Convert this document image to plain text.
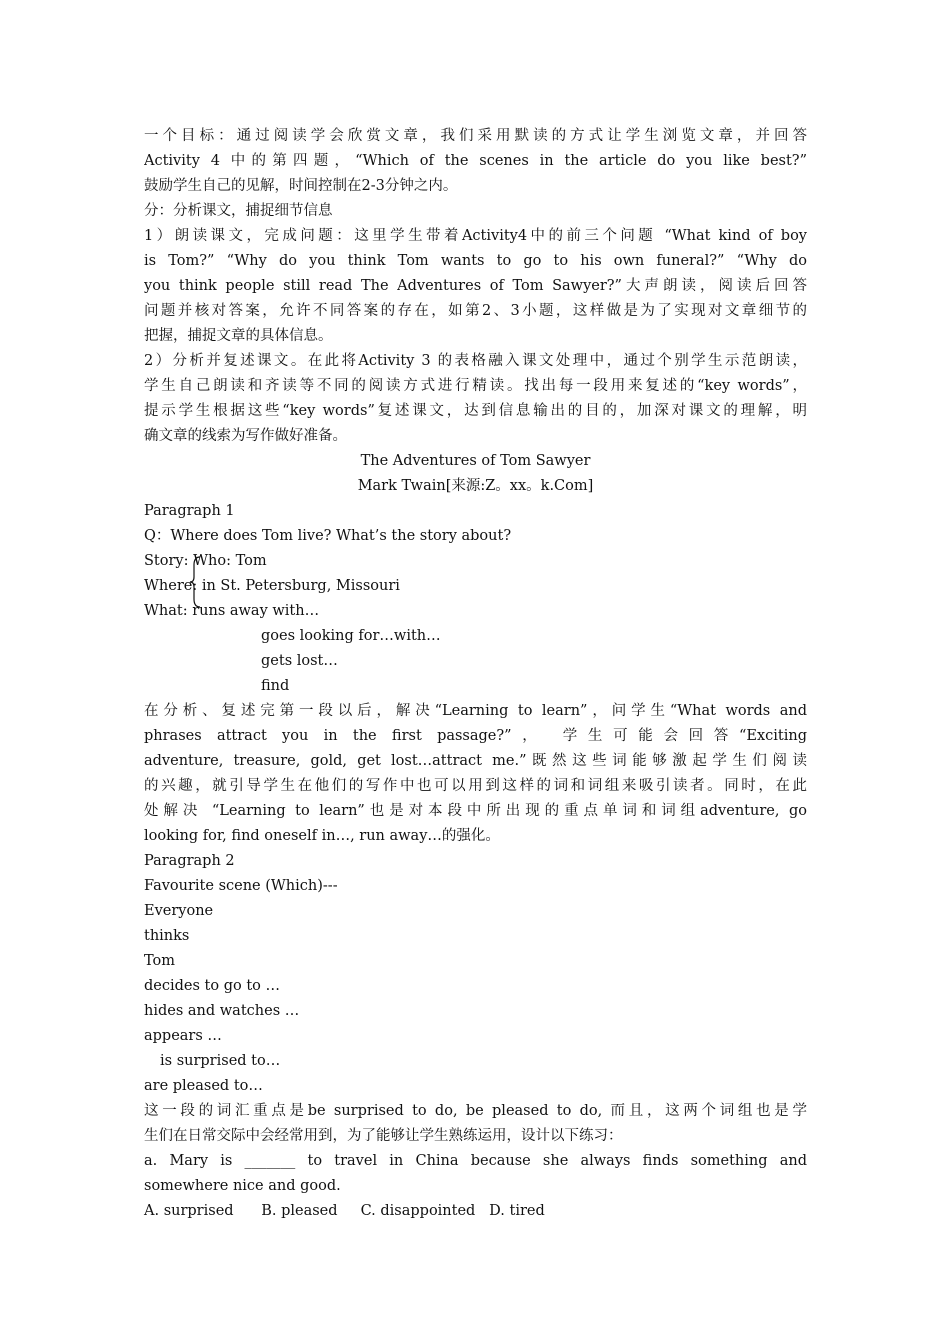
一个目标：通过阅读学会欣赏文章，我们采用默读的方式让学生浏览文章，并回答
Activity 4 中的第四题，“Which of the scenes in the article do you like best?”
鼓励学生自己的见解，时间控制在2-3分钟之内。
分：分析课文，捕捉细节信息
1）朗读课文，完成问题：这里学生带着Activity4中的前三个问题 “What kind of boy
is Tom?” “Why do you think Tom wants to go to his own funeral?” “Why do
you think people still read The Adventures of Tom Sawyer?”大声朗读，阅读后回答
问题并核对答案，允许不同答案的存在，如第2、3小题，这样做是为了实现对文章细节的
把握，捕捉文章的具体信息。
2）分析并复述课文。在此将Activity 3 的表格融入课文处理中，通过个别学生示范朗读，
学生自己朗读和齐读等不同的阅读方式进行精读。找出每一段用来复述的“key words”，
提示学生根据这些“key words”复述课文，达到信息输出的目的，加深对课文的理解，明
确文章的线索为写作做好准备。
The Adventures of Tom Sawyer
Mark Twain[来源:Z。xx。k.Com]
Paragraph 1
Q：Where does Tom live? What’s the story about?
Story: Who: Tom
Where: in St. Petersburg, Missouri
What: runs away with…
goes looking for…with…
gets lost…
find
在分析、复述完第一段以后，解决“Learning to learn”，问学生“What words and
phrases attract you in the first passage?”， 学生可能会回答“Exciting
adventure, treasure, gold, get lost…attract me.”既然这些词能够激起学生们阅读
的兴趣，就引导学生在他们的写作中也可以用到这样的词和词组来吸引读者。同时，在此
处解决 “Learning to learn”也是对本段中所出现的重点单词和词组adventure, go
looking for, find oneself in…, run away…的强化。
Paragraph 2
Favourite scene (Which)---
Everyone
thinks
Tom
decides to go to …
hides and watches …
appears …
is surprised to…
are pleased to…
这一段的词汇重点是be surprised to do, be pleased to do, 而且，这两个词组也是学
生们在日常交际中会经常用到，为了能够让学生熟练运用，设计以下练习：
a. Mary is _______ to travel in China because she always finds something and
somewhere nice and good.
A. surprised      B. pleased     C. disappointed   D. tired
